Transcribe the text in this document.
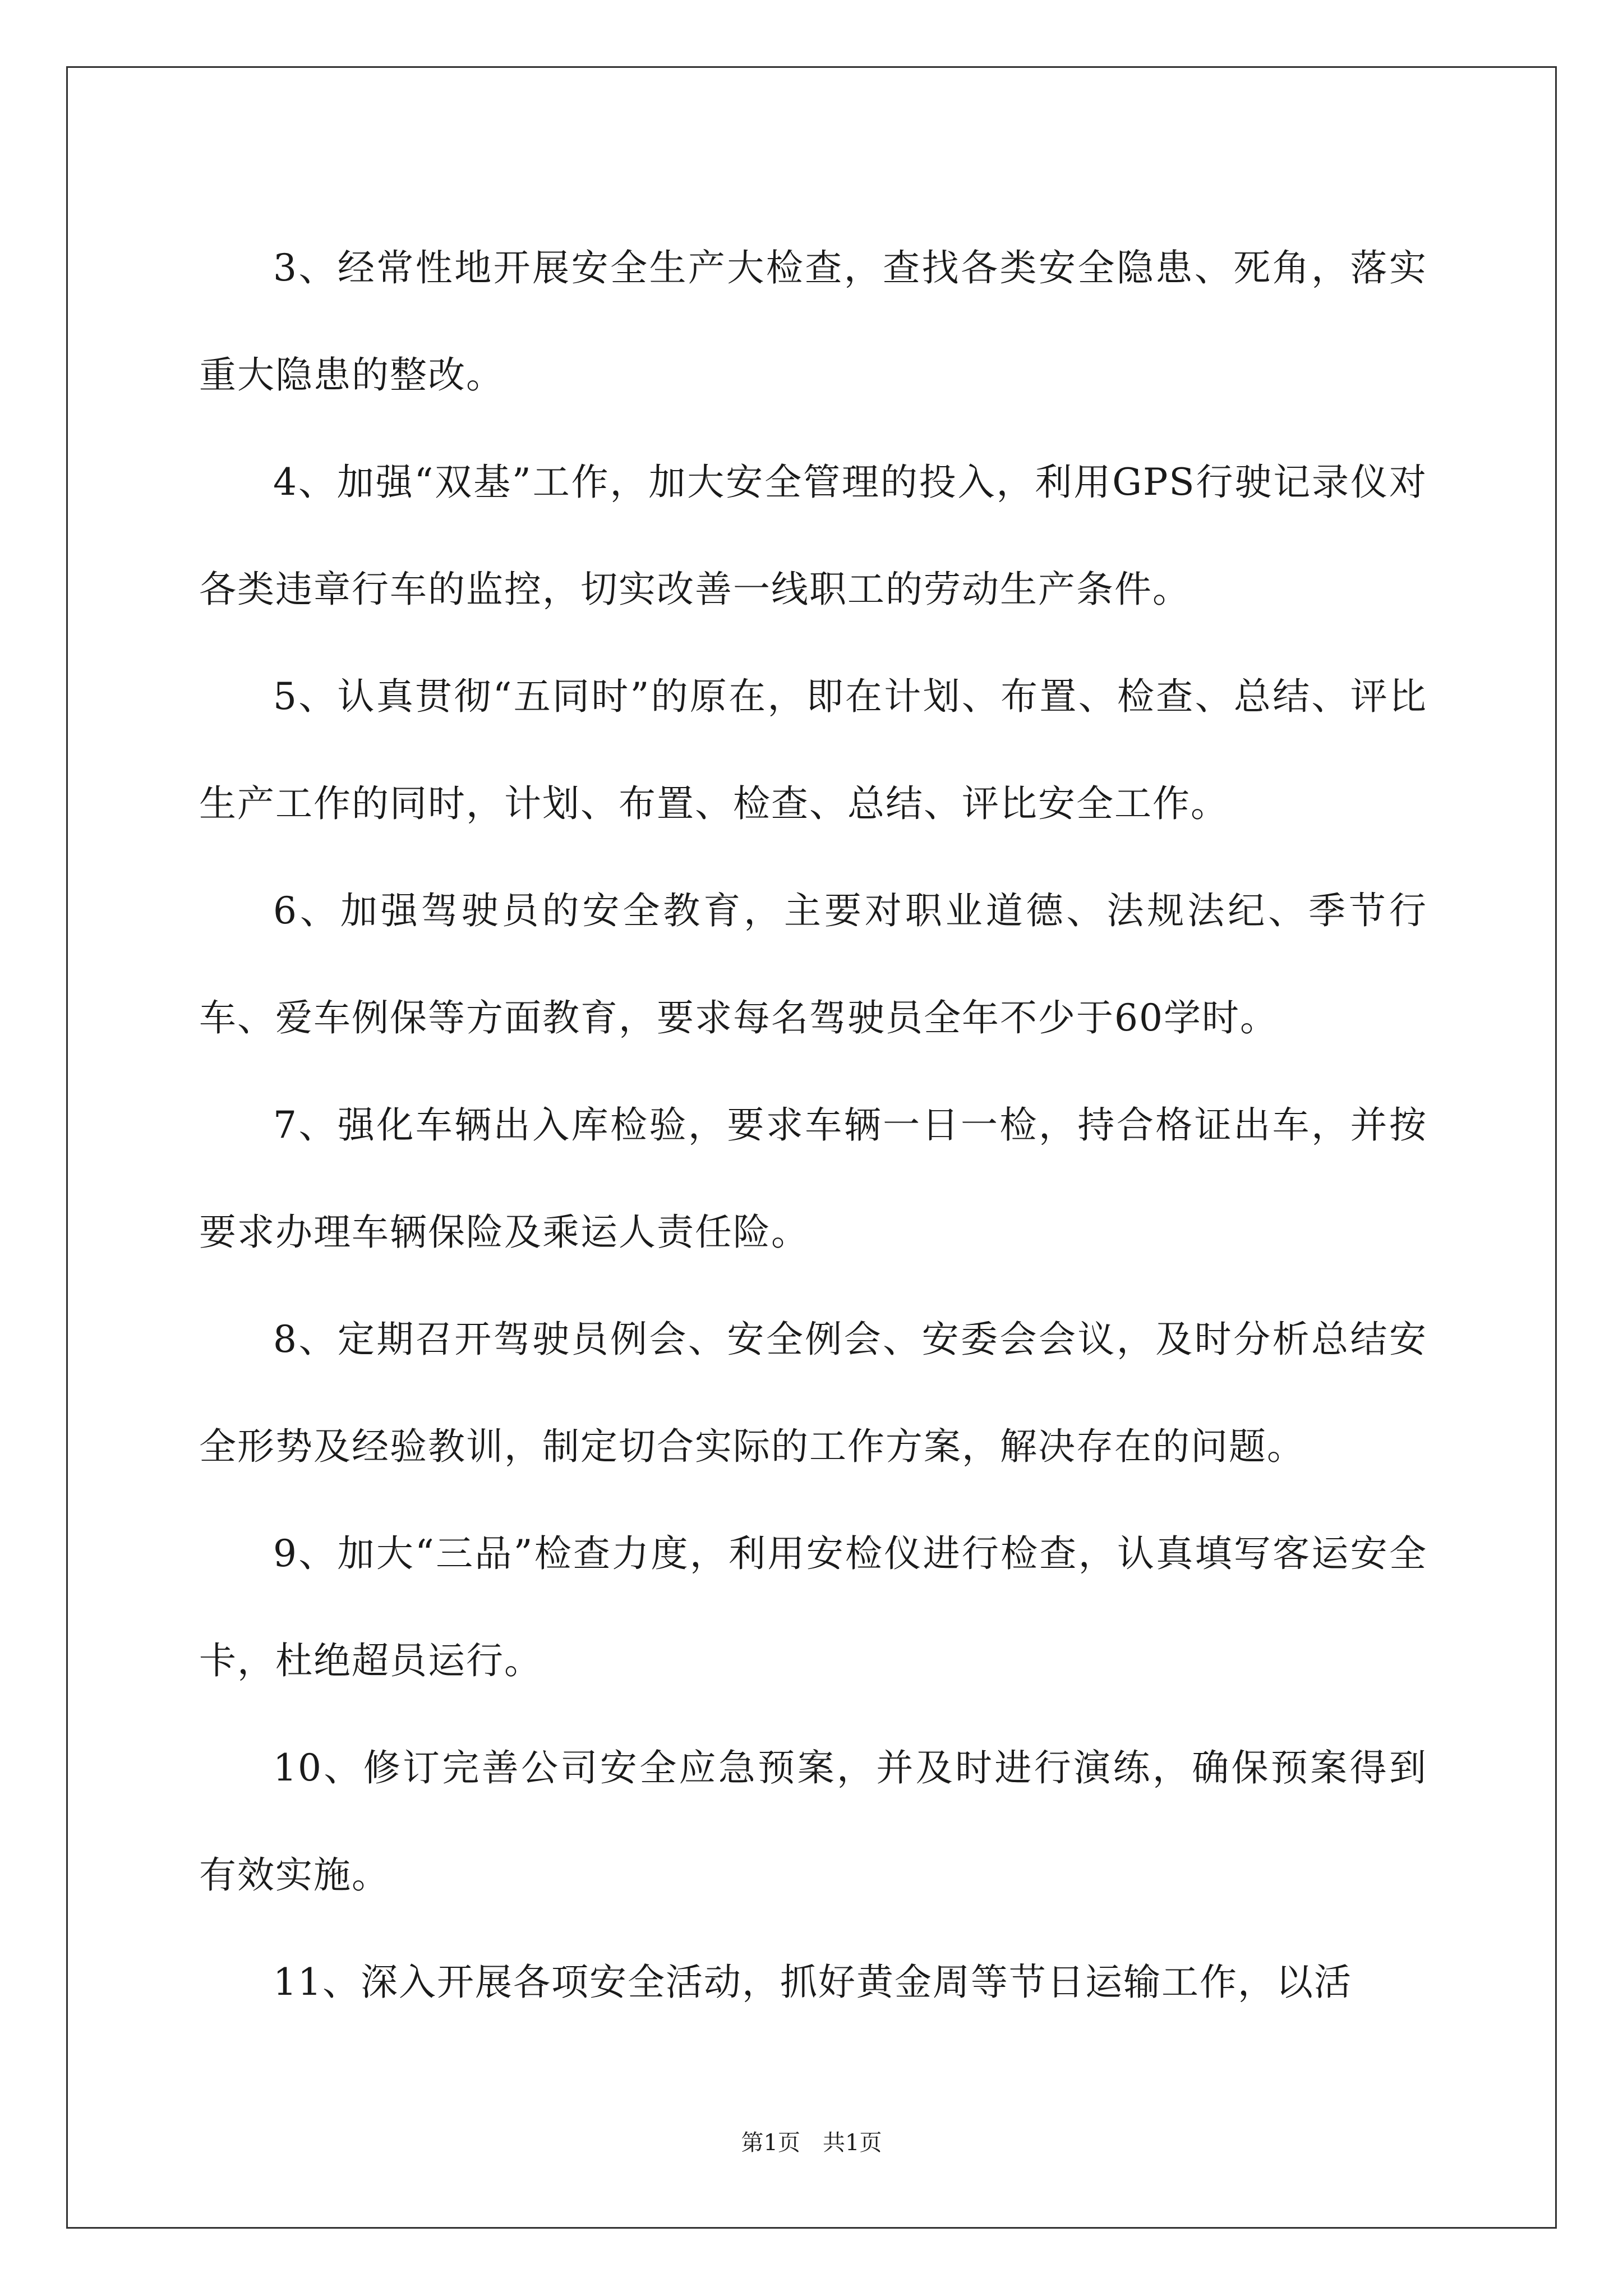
3、经常性地开展安全生产大检查，查找各类安全隐患、死角，落实重大隐患的整改。

4、加强“双基”工作，加大安全管理的投入，利用GPS行驶记录仪对各类违章行车的监控，切实改善一线职工的劳动生产条件。

5、认真贯彻“五同时”的原在，即在计划、布置、检查、总结、评比生产工作的同时，计划、布置、检查、总结、评比安全工作。

6、加强驾驶员的安全教育，主要对职业道德、法规法纪、季节行车、爱车例保等方面教育，要求每名驾驶员全年不少于60学时。

7、强化车辆出入库检验，要求车辆一日一检，持合格证出车，并按要求办理车辆保险及乘运人责任险。

8、定期召开驾驶员例会、安全例会、安委会会议，及时分析总结安全形势及经验教训，制定切合实际的工作方案，解决存在的问题。

9、加大“三品”检查力度，利用安检仪进行检查，认真填写客运安全卡，杜绝超员运行。

10、修订完善公司安全应急预案，并及时进行演练，确保预案得到有效实施。

11、深入开展各项安全活动，抓好黄金周等节日运输工作，以活

第1页 共1页
